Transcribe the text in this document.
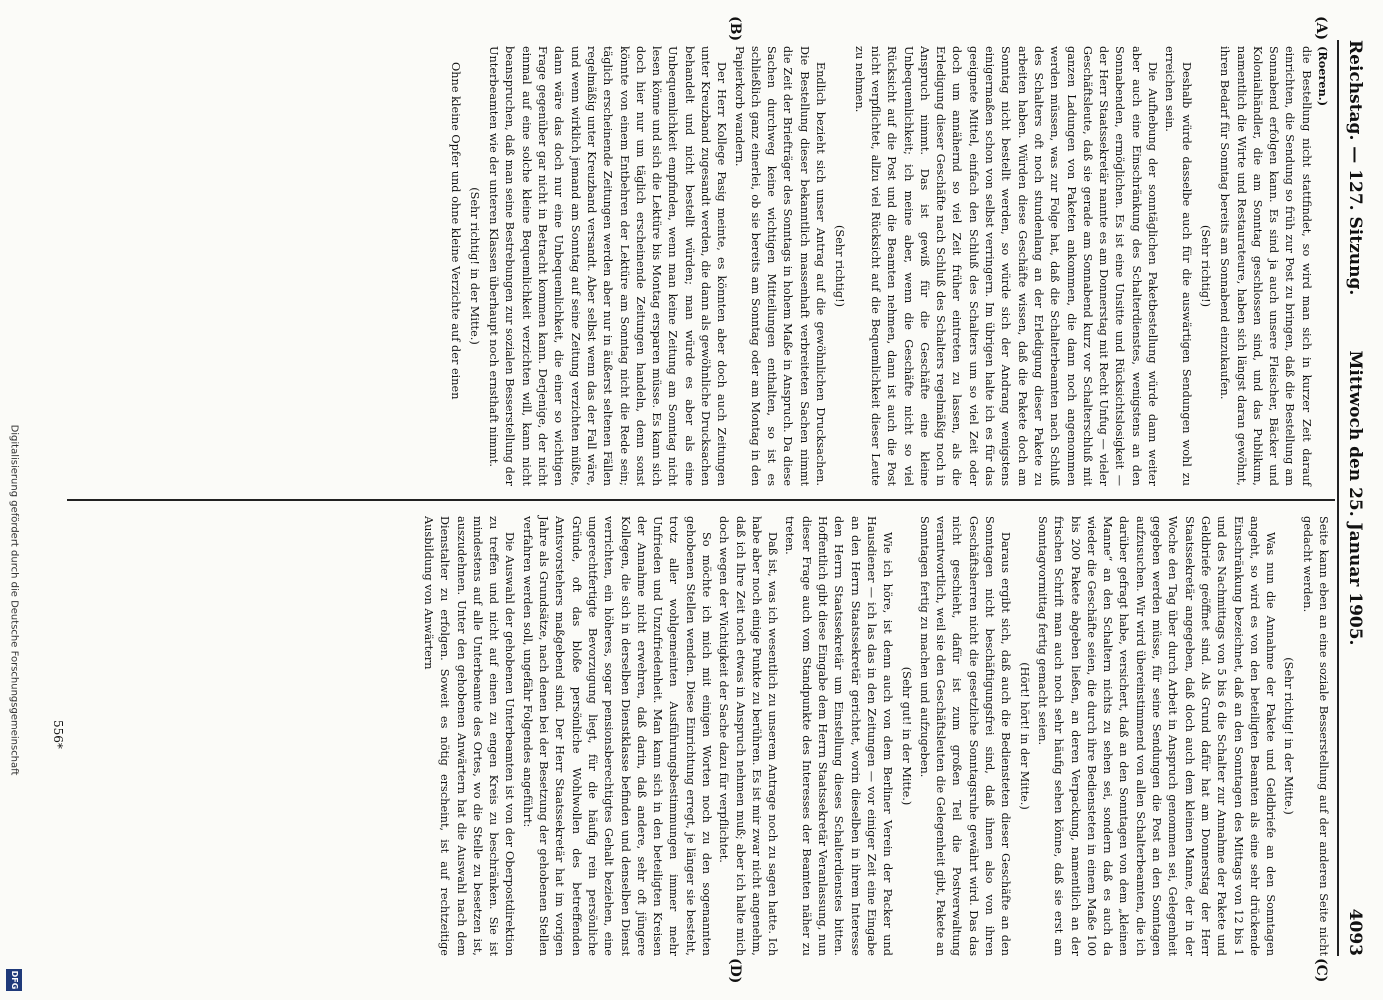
Reichstag. — 127. Sitzung.
Mittwoch den 25. Januar 1905.
4093
(A)
(B)
(C)
(D)

(Roeren.)

die Bestellung nicht stattfindet, so wird man sich in kurzer Zeit darauf einrichten, die Sendung so früh zur Post zu bringen, daß die Bestellung am Sonnabend erfolgen kann. Es sind ja auch unsere Fleischer, Bäcker und Kolonialhändler, die am Sonntag geschlossen sind, und das Publikum, namentlich die Wirte und Restaurateure, haben sich längst daran gewöhnt, ihren Bedarf für Sonntag bereits am Sonnabend einzukaufen.

(Sehr richtig!)

Deshalb würde dasselbe auch für die auswärtigen Sendungen wohl zu erreichen sein.

Die Aufhebung der sonntäglichen Paketbestellung würde dann weiter aber auch eine Einschränkung des Schalterdienstes, wenigstens an den Sonnabenden, ermöglichen. Es ist eine Unsitte und Rücksichtslosigkeit — der Herr Staatssekretär nannte es am Donnerstag mit Recht Unfug — vieler Geschäftsleute, daß sie gerade am Sonnabend kurz vor Schalterschluß mit ganzen Ladungen von Paketen ankommen, die dann noch angenommen werden müssen, was zur Folge hat, daß die Schalterbeamten nach Schluß des Schalters oft noch stundenlang an der Erledigung dieser Pakete zu arbeiten haben. Würden diese Geschäfte wissen, daß die Pakete doch am Sonntag nicht bestellt werden, so würde sich der Andrang wenigstens einigermaßen schon von selbst verringern. Im übrigen halte ich es für das geeignete Mittel, einfach den Schluß des Schalters um so viel Zeit oder doch um annähernd so viel Zeit früher eintreten zu lassen, als die Erledigung dieser Geschäfte nach Schluß des Schalters regelmäßig noch in Anspruch nimmt. Das ist gewiß für die Geschäfte eine kleine Unbequemlichkeit; ich meine aber, wenn die Geschäfte nicht so viel Rücksicht auf die Post und die Beamten nehmen, dann ist auch die Post nicht verpflichtet, allzu viel Rücksicht auf die Bequemlichkeit dieser Leute zu nehmen.

(Sehr richtig!)

Endlich bezieht sich unser Antrag auf die gewöhnlichen Drucksachen. Die Bestellung dieser bekanntlich massenhaft verbreiteten Sachen nimmt die Zeit der Briefträger des Sonntags in hohem Maße in Anspruch. Da diese Sachen durchweg keine wichtigen Mitteilungen enthalten, so ist es schließlich ganz einerlei, ob sie bereits am Sonntag oder am Montag in den Papierkorb wandern.

Der Herr Kollege Pasig meinte, es könnten aber doch auch Zeitungen unter Kreuzband zugesandt werden, die dann als gewöhnliche Drucksachen behandelt und nicht bestellt würden; man würde es aber als eine Unbequemlichkeit empfinden, wenn man keine Zeitung am Sonntag nicht lesen könne und sich die Lektüre bis Montag ersparen müsse. Es kann sich doch hier nur um täglich erscheinende Zeitungen handeln, denn sonst könnte von einem Entbehren der Lektüre am Sonntag nicht die Rede sein; täglich erscheinende Zeitungen werden aber nur in äußerst seltenen Fällen regelmäßig unter Kreuzband versandt. Aber selbst wenn das der Fall wäre, und wenn wirklich jemand am Sonntag auf seine Zeitung verzichten müßte, dann wäre das doch nur eine Unbequemlichkeit, die einer so wichtigen Frage gegenüber gar nicht in Betracht kommen kann. Derjenige, der nicht einmal auf eine solche kleine Bequemlichkeit verzichten will, kann nicht beanspruchen, daß man seine Bestrebungen zur sozialen Besserstellung der Unterbeamten wie der unteren Klassen überhaupt noch ernsthaft nimmt.

(Sehr richtig! in der Mitte.)

Ohne kleine Opfer und ohne kleine Verzichte auf der einen

Seite kann eben an eine soziale Besserstellung auf der anderen Seite nicht gedacht werden.

(Sehr richtig! in der Mitte.)

Was nun die Annahme der Pakete und Geldbriefe an den Sonntagen angeht, so wird es von den beteiligten Beamten als eine sehr drückende Einschränkung bezeichnet, daß an den Sonntagen des Mittags von 12 bis 1 und des Nachmittags von 5 bis 6 die Schalter zur Annahme der Pakete und Geldbriefe geöffnet sind. Als Grund dafür hat am Donnerstag der Herr Staatssekretär angegeben, daß doch auch dem kleinen Manne, der in der Woche den Tag über durch Arbeit in Anspruch genommen sei, Gelegenheit gegeben werden müsse, für seine Sendungen die Post an den Sonntagen aufzusuchen. Wir wird übereinstimmend von allen Schalterbeamten, die ich darüber gefragt habe, versichert, daß an den Sonntagen von dem „kleinen Manne“ an den Schaltern nichts zu sehen sei, sondern daß es auch da wieder die Geschäfte seien, die durch ihre Bediensteten in einem Maße 100 bis 200 Pakete abgeben ließen, an deren Verpackung, namentlich an der frischen Schrift man auch noch sehr häufig sehen könne, daß sie erst am Sonntagvormittag fertig gemacht seien.

(Hört! hört! in der Mitte.)

Daraus ergibt sich, daß auch die Bediensteten dieser Geschäfte an den Sonntagen nicht beschäftigungsfrei sind, daß ihnen also von ihren Geschäftsherren nicht die gesetzliche Sonntagsruhe gewährt wird. Das das nicht geschieht, dafür ist zum großen Teil die Postverwaltung verantwortlich, weil sie den Geschäftsleuten die Gelegenheit gibt, Pakete an Sonntagen fertig zu machen und aufzugeben.

(Sehr gut! in der Mitte.)

Wie ich höre, ist denn auch von dem Berliner Verein der Packer und Hausdiener — ich las das in den Zeitungen — vor einiger Zeit eine Eingabe an den Herrn Staatssekretär gerichtet, worin dieselben in ihrem Interesse den Herrn Staatssekretär um Einstellung dieses Schalterdienstes bitten. Hoffentlich gibt diese Eingabe dem Herrn Staatssekretär Veranlassung, nun dieser Frage auch vom Standpunkte des Interesses der Beamten näher zu treten.

Daß ist, was ich wesentlich zu unserem Antrage noch zu sagen hatte. Ich habe aber noch einige Punkte zu berühren. Es ist mir zwar nicht angenehm, daß ich Ihre Zeit noch etwas in Anspruch nehmen muß; aber ich halte mich doch wegen der Wichtigkeit der Sache dazu für verpflichtet.

So möchte ich mich mit einigen Worten noch zu den sogenannten gehobenen Stellen wenden. Diese Einrichtung erregt, je länger sie besteht, trotz aller wohlgemeinten Ausführungsbestimmungen immer mehr Unfrieden und Unzufriedenheit. Man kann sich in den beteiligten Kreisen der Annahme nicht erwehren, daß darin, daß andere, sehr oft jüngere Kollegen, die sich in derselben Dienstklasse befinden und denselben Dienst verrichten, ein höheres, sogar pensionsberechtigtes Gehalt beziehen, eine ungerechtfertigte Bevorzugung liegt, für die häufig rein persönliche Gründe, oft das bloße persönliche Wohlwollen des betreffenden Amtsvorstehers maßgebend sind. Der Herr Staatssekretär hat im vorigen Jahre als Grundsätze, nach denen bei der Besetzung der gehobenen Stellen verfahren werden soll, ungefähr Folgendes angeführt:

Die Auswahl der gehobenen Unterbeamten ist von der Oberpostdirektion zu treffen und nicht auf einen zu engen Kreis zu beschränken. Sie ist mindestens auf alle Unterbeamte des Ortes, wo die Stelle zu besetzen ist, auszudehnen. Unter den gehobenen Anwärtern hat die Auswahl nach dem Dienstalter zu erfolgen. Soweit es nötig erscheint, ist auf rechtzeitige Ausbildung von Anwärtern

556*
Digitalisierung gefördert durch die Deutsche Forschungsgemeinschaft
DFG
